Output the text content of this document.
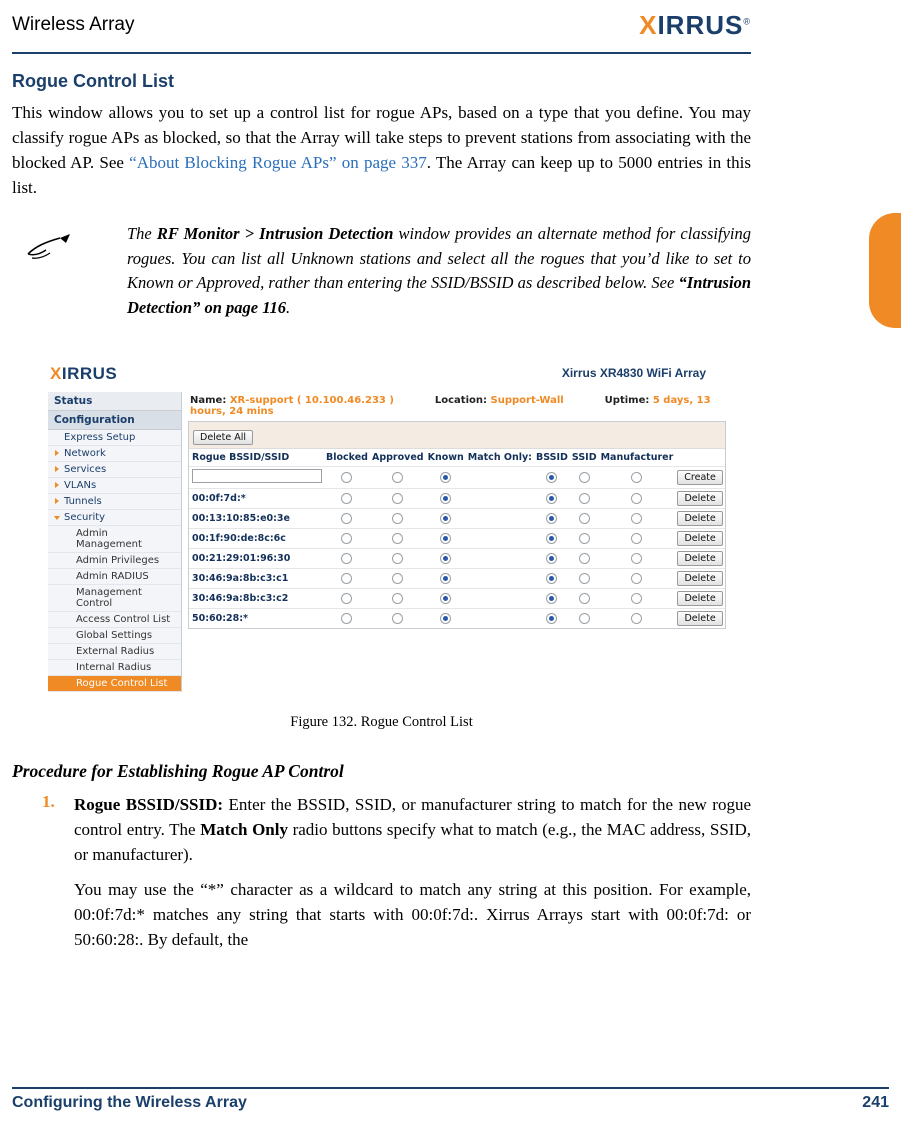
Wireless Array	XIRRUS®
Rogue Control List

This window allows you to set up a control list for rogue APs, based on a type that you define. You may classify rogue APs as blocked, so that the Array will take steps to prevent stations from associating with the blocked AP. See “About Blocking Rogue APs” on page 337. The Array can keep up to 5000 entries in this list.

The RF Monitor > Intrusion Detection window provides an alternate method for classifying rogues. You can list all Unknown stations and select all the rogues that you’d like to set to Known or Approved, rather than entering the SSID/BSSID as described below. See “Intrusion Detection” on page 116.

XIRRUS	Xirrus XR4830 WiFi Array
Status
Configuration
Express Setup
Network
Services
VLANs
Tunnels
Security
Admin Management
Admin Privileges
Admin RADIUS
Management Control
Access Control List
Global Settings
External Radius
Internal Radius
Rogue Control List
Name: XR-support ( 10.100.46.233 )	Location: Support-Wall	Uptime: 5 days, 13 hours, 24 mins
Delete All
Rogue BSSID/SSID	Blocked	Approved	Known	Match Only:	BSSID	SSID	Manufacturer	
								Create
00:0f:7d:*								Delete
00:13:10:85:e0:3e								Delete
00:1f:90:de:8c:6c								Delete
00:21:29:01:96:30								Delete
30:46:9a:8b:c3:c1								Delete
30:46:9a:8b:c3:c2								Delete
50:60:28:*								Delete
Figure 132. Rogue Control List
Procedure for Establishing Rogue AP Control
1. Rogue BSSID/SSID: Enter the BSSID, SSID, or manufacturer string to match for the new rogue control entry. The Match Only radio buttons specify what to match (e.g., the MAC address, SSID, or manufacturer).

You may use the “*” character as a wildcard to match any string at this position. For example, 00:0f:7d:* matches any string that starts with 00:0f:7d:. Xirrus Arrays start with 00:0f:7d: or 50:60:28:. By default, the

Configuring the Wireless Array	241
